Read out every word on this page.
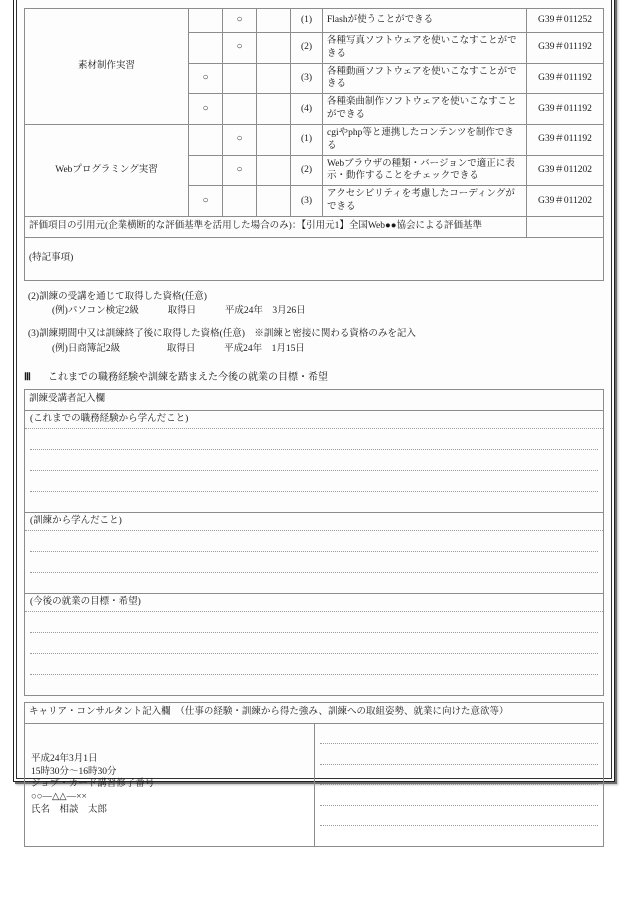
素材制作実習		○		(1)	Flashが使うことができる	G39＃011252
		○		(2)	各種写真ソフトウェアを使いこなすことができる	G39＃011192
	○			(3)	各種動画ソフトウェアを使いこなすことができる	G39＃011192
	○			(4)	各種楽曲制作ソフトウェアを使いこなすことができる	G39＃011192
Webプログラミング実習		○		(1)	cgiやphp等と連携したコンテンツを制作できる	G39＃011192
		○		(2)	Webブラウザの種類・バージョンで適正に表示・動作することをチェックできる	G39＃011202
	○			(3)	アクセシビリティを考慮したコーディングができる	G39＃011202
評価項目の引用元(企業横断的な評価基準を活用した場合のみ)：【引用元1】全国Web●●協会による評価基準						
(特記事項)						
(2)訓練の受講を通じて取得した資格(任意)
(例)パソコン検定2級	取得日	平成24年　3月26日
(3)訓練期間中又は訓練終了後に取得した資格(任意)　※訓練と密接に関わる資格のみを記入
(例)日商簿記2級	取得日	平成24年　1月15日
Ⅲ	これまでの職務経験や訓練を踏まえた今後の就業の目標・希望
訓練受講者記入欄

(これまでの職務経験から学んだこと)

(訓練から学んだこと)

(今後の就業の目標・希望)
キャリア・コンサルタント記入欄　（仕事の経験・訓練から得た強み、訓練への取組姿勢、就業に向けた意欲等）

平成24年3月1日
15時30分〜16時30分
ジョブ・カード講習修了番号
○○—△△—××
氏名　相談　太郎
